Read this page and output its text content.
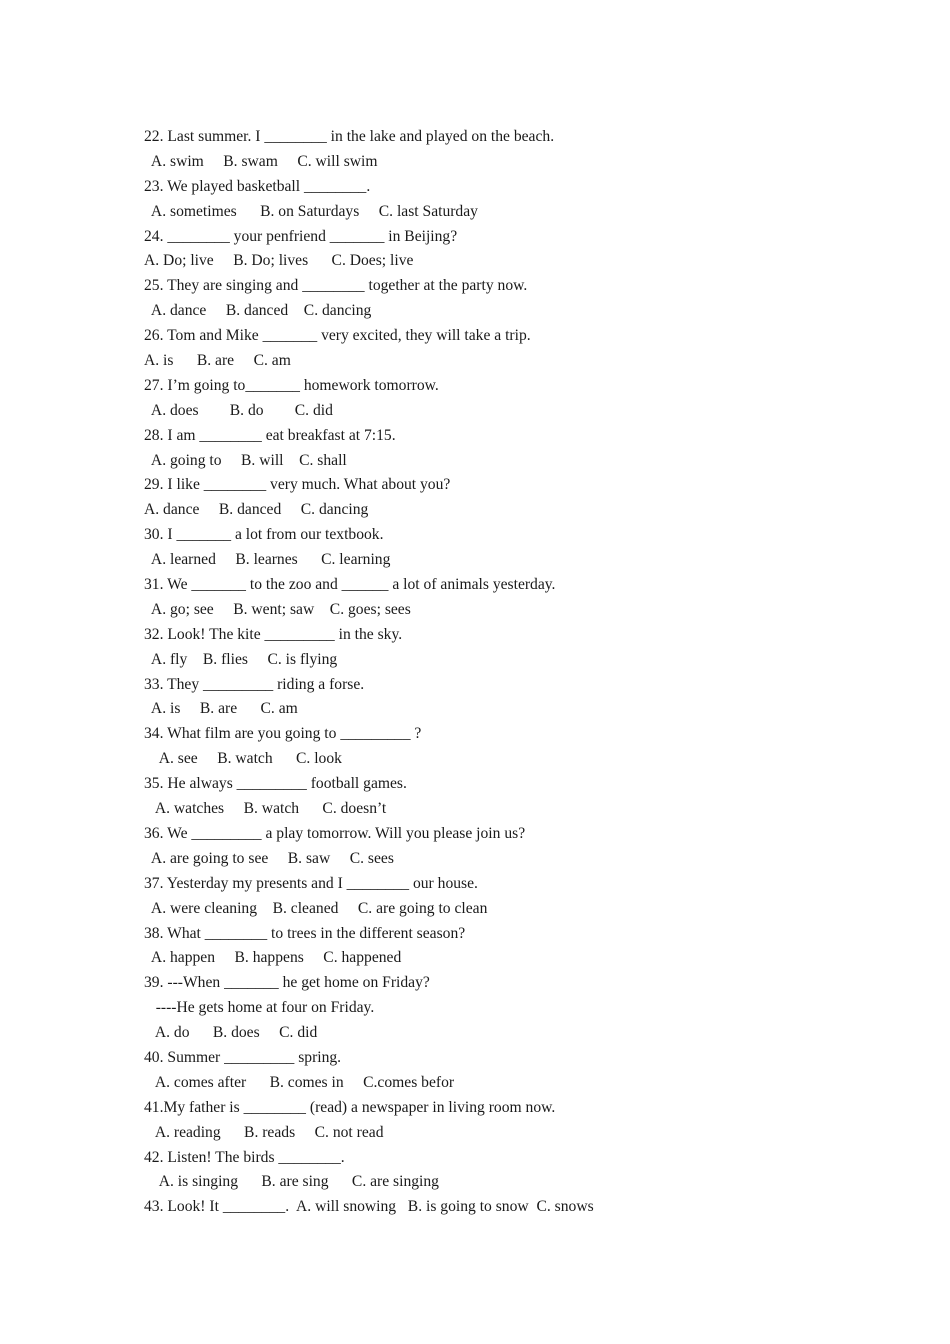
22. Last summer. I ________ in the lake and played on the beach.
A. swim     B. swam     C. will swim
23. We played basketball ________.
A. sometimes      B. on Saturdays     C. last Saturday
24. ________ your penfriend _______ in Beijing?
A. Do; live     B. Do; lives      C. Does; live
25. They are singing and ________ together at the party now.
A. dance     B. danced    C. dancing
26. Tom and Mike _______ very excited, they will take a trip.
A. is      B. are     C. am
27. I’m going to_______ homework tomorrow.
A. does        B. do        C. did
28. I am ________ eat breakfast at 7:15.
A. going to     B. will    C. shall
29. I like ________ very much. What about you?
A. dance     B. danced     C. dancing
30. I _______ a lot from our textbook.
A. learned     B. learnes      C. learning
31. We _______ to the zoo and ______ a lot of animals yesterday.
A. go; see     B. went; saw    C. goes; sees
32. Look! The kite _________ in the sky.
A. fly    B. flies     C. is flying
33. They _________ riding a forse.
A. is     B. are      C. am
34. What film are you going to _________ ?
A. see     B. watch      C. look
35. He always _________ football games.
A. watches     B. watch      C. doesn’t
36. We _________ a play tomorrow. Will you please join us?
A. are going to see     B. saw     C. sees
37. Yesterday my presents and I ________ our house.
A. were cleaning    B. cleaned     C. are going to clean
38. What ________ to trees in the different season?
A. happen     B. happens     C. happened
39. ---When _______ he get home on Friday?
----He gets home at four on Friday.
A. do      B. does     C. did
40. Summer _________ spring.
A. comes after      B. comes in     C.comes befor
41.My father is ________ (read) a newspaper in living room now.
A. reading      B. reads     C. not read
42. Listen! The birds ________.
A. is singing      B. are sing      C. are singing
43. Look! It ________.  A. will snowing   B. is going to snow  C. snows
